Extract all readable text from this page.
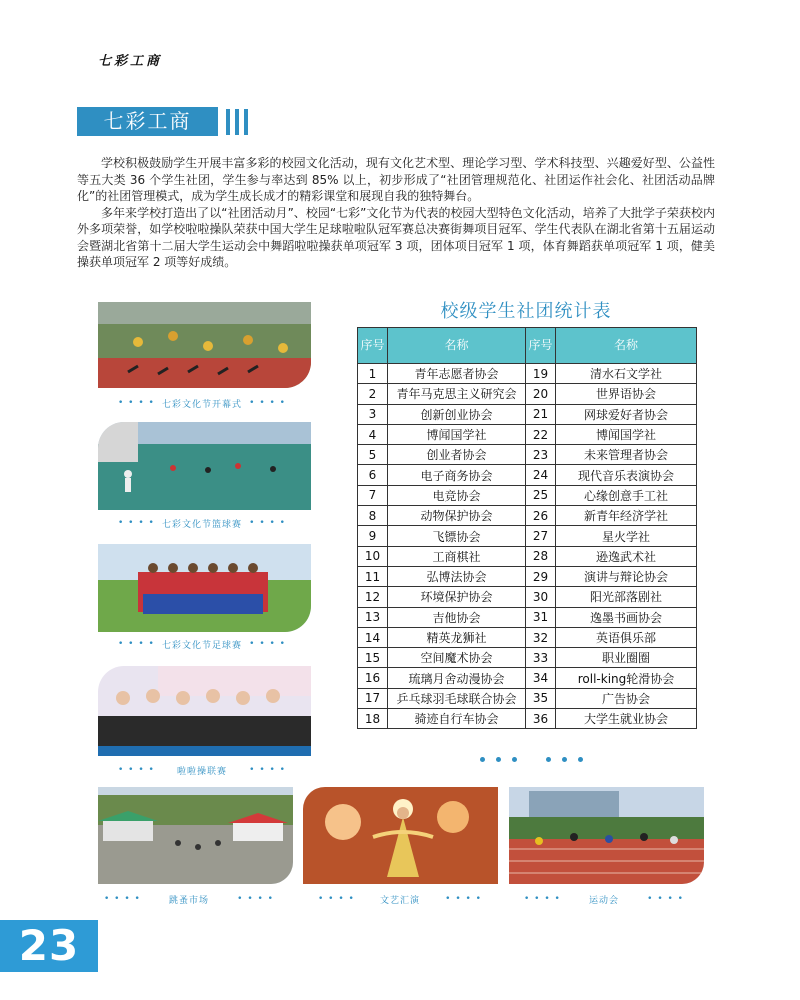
七彩工商
七彩工商

学校积极鼓励学生开展丰富多彩的校园文化活动，现有文化艺术型、理论学习型、学术科技型、兴趣爱好型、公益性等五大类 36 个学生社团，学生参与率达到 85% 以上，初步形成了“社团管理规范化、社团运作社会化、社团活动品牌化”的社团管理模式，成为学生成长成才的精彩课堂和展现自我的独特舞台。

多年来学校打造出了以“社团活动月”、校园“七彩”文化节为代表的校园大型特色文化活动，培养了大批学子荣获校内外多项荣誉，如学校啦啦操队荣获中国大学生足球啦啦队冠军赛总决赛街舞项目冠军、学生代表队在湖北省第十五届运动会暨湖北省第十二届大学生运动会中舞蹈啦啦操获单项冠军 3 项，团体项目冠军 1 项，体育舞蹈获单项冠军 1 项，健美操获单项冠军 2 项等好成绩。

• • • • 七彩文化节开幕式 • • • •
• • • • 七彩文化节篮球赛 • • • •
• • • • 七彩文化节足球赛 • • • •
• • • •	啦啦操联赛	• • • •
校级学生社团统计表
序号	名称	序号	名称
1	青年志愿者协会	19	清水石文学社
2	青年马克思主义研究会	20	世界语协会
3	创新创业协会	21	网球爱好者协会
4	博闻国学社	22	博闻国学社
5	创业者协会	23	未来管理者协会
6	电子商务协会	24	现代音乐表演协会
7	电竞协会	25	心缘创意手工社
8	动物保护协会	26	新青年经济学社
9	飞镖协会	27	星火学社
10	工商棋社	28	逊逸武术社
11	弘博法协会	29	演讲与辩论协会
12	环境保护协会	30	阳光部落剧社
13	吉他协会	31	逸墨书画协会
14	精英龙狮社	32	英语俱乐部
15	空间魔术协会	33	职业圈圈
16	琉璃月舍动漫协会	34	roll-king轮滑协会
17	乒乓球羽毛球联合协会	35	广告协会
18	骑迹自行车协会	36	大学生就业协会
• • • •	跳蚤市场	• • • •	• • • •	文艺汇演	• • • •	• • • •	运动会	• • • •
23
